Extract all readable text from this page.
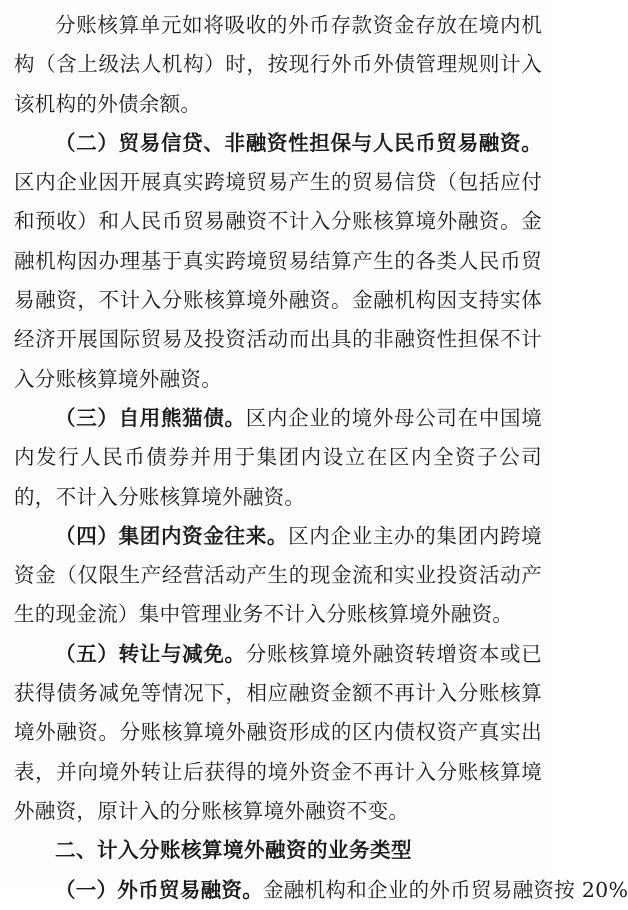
分账核算单元如将吸收的外币存款资金存放在境内机构（含上级法人机构）时，按现行外币外债管理规则计入该机构的外债余额。

（二）贸易信贷、非融资性担保与人民币贸易融资。区内企业因开展真实跨境贸易产生的贸易信贷（包括应付和预收）和人民币贸易融资不计入分账核算境外融资。金融机构因办理基于真实跨境贸易结算产生的各类人民币贸易融资，不计入分账核算境外融资。金融机构因支持实体经济开展国际贸易及投资活动而出具的非融资性担保不计入分账核算境外融资。

（三）自用熊猫债。区内企业的境外母公司在中国境内发行人民币债券并用于集团内设立在区内全资子公司的，不计入分账核算境外融资。

（四）集团内资金往来。区内企业主办的集团内跨境资金（仅限生产经营活动产生的现金流和实业投资活动产生的现金流）集中管理业务不计入分账核算境外融资。

（五）转让与减免。分账核算境外融资转增资本或已获得债务减免等情况下，相应融资金额不再计入分账核算境外融资。分账核算境外融资形成的区内债权资产真实出表，并向境外转让后获得的境外资金不再计入分账核算境外融资，原计入的分账核算境外融资不变。

二、计入分账核算境外融资的业务类型

（一）外币贸易融资。金融机构和企业的外币贸易融资按 20%
